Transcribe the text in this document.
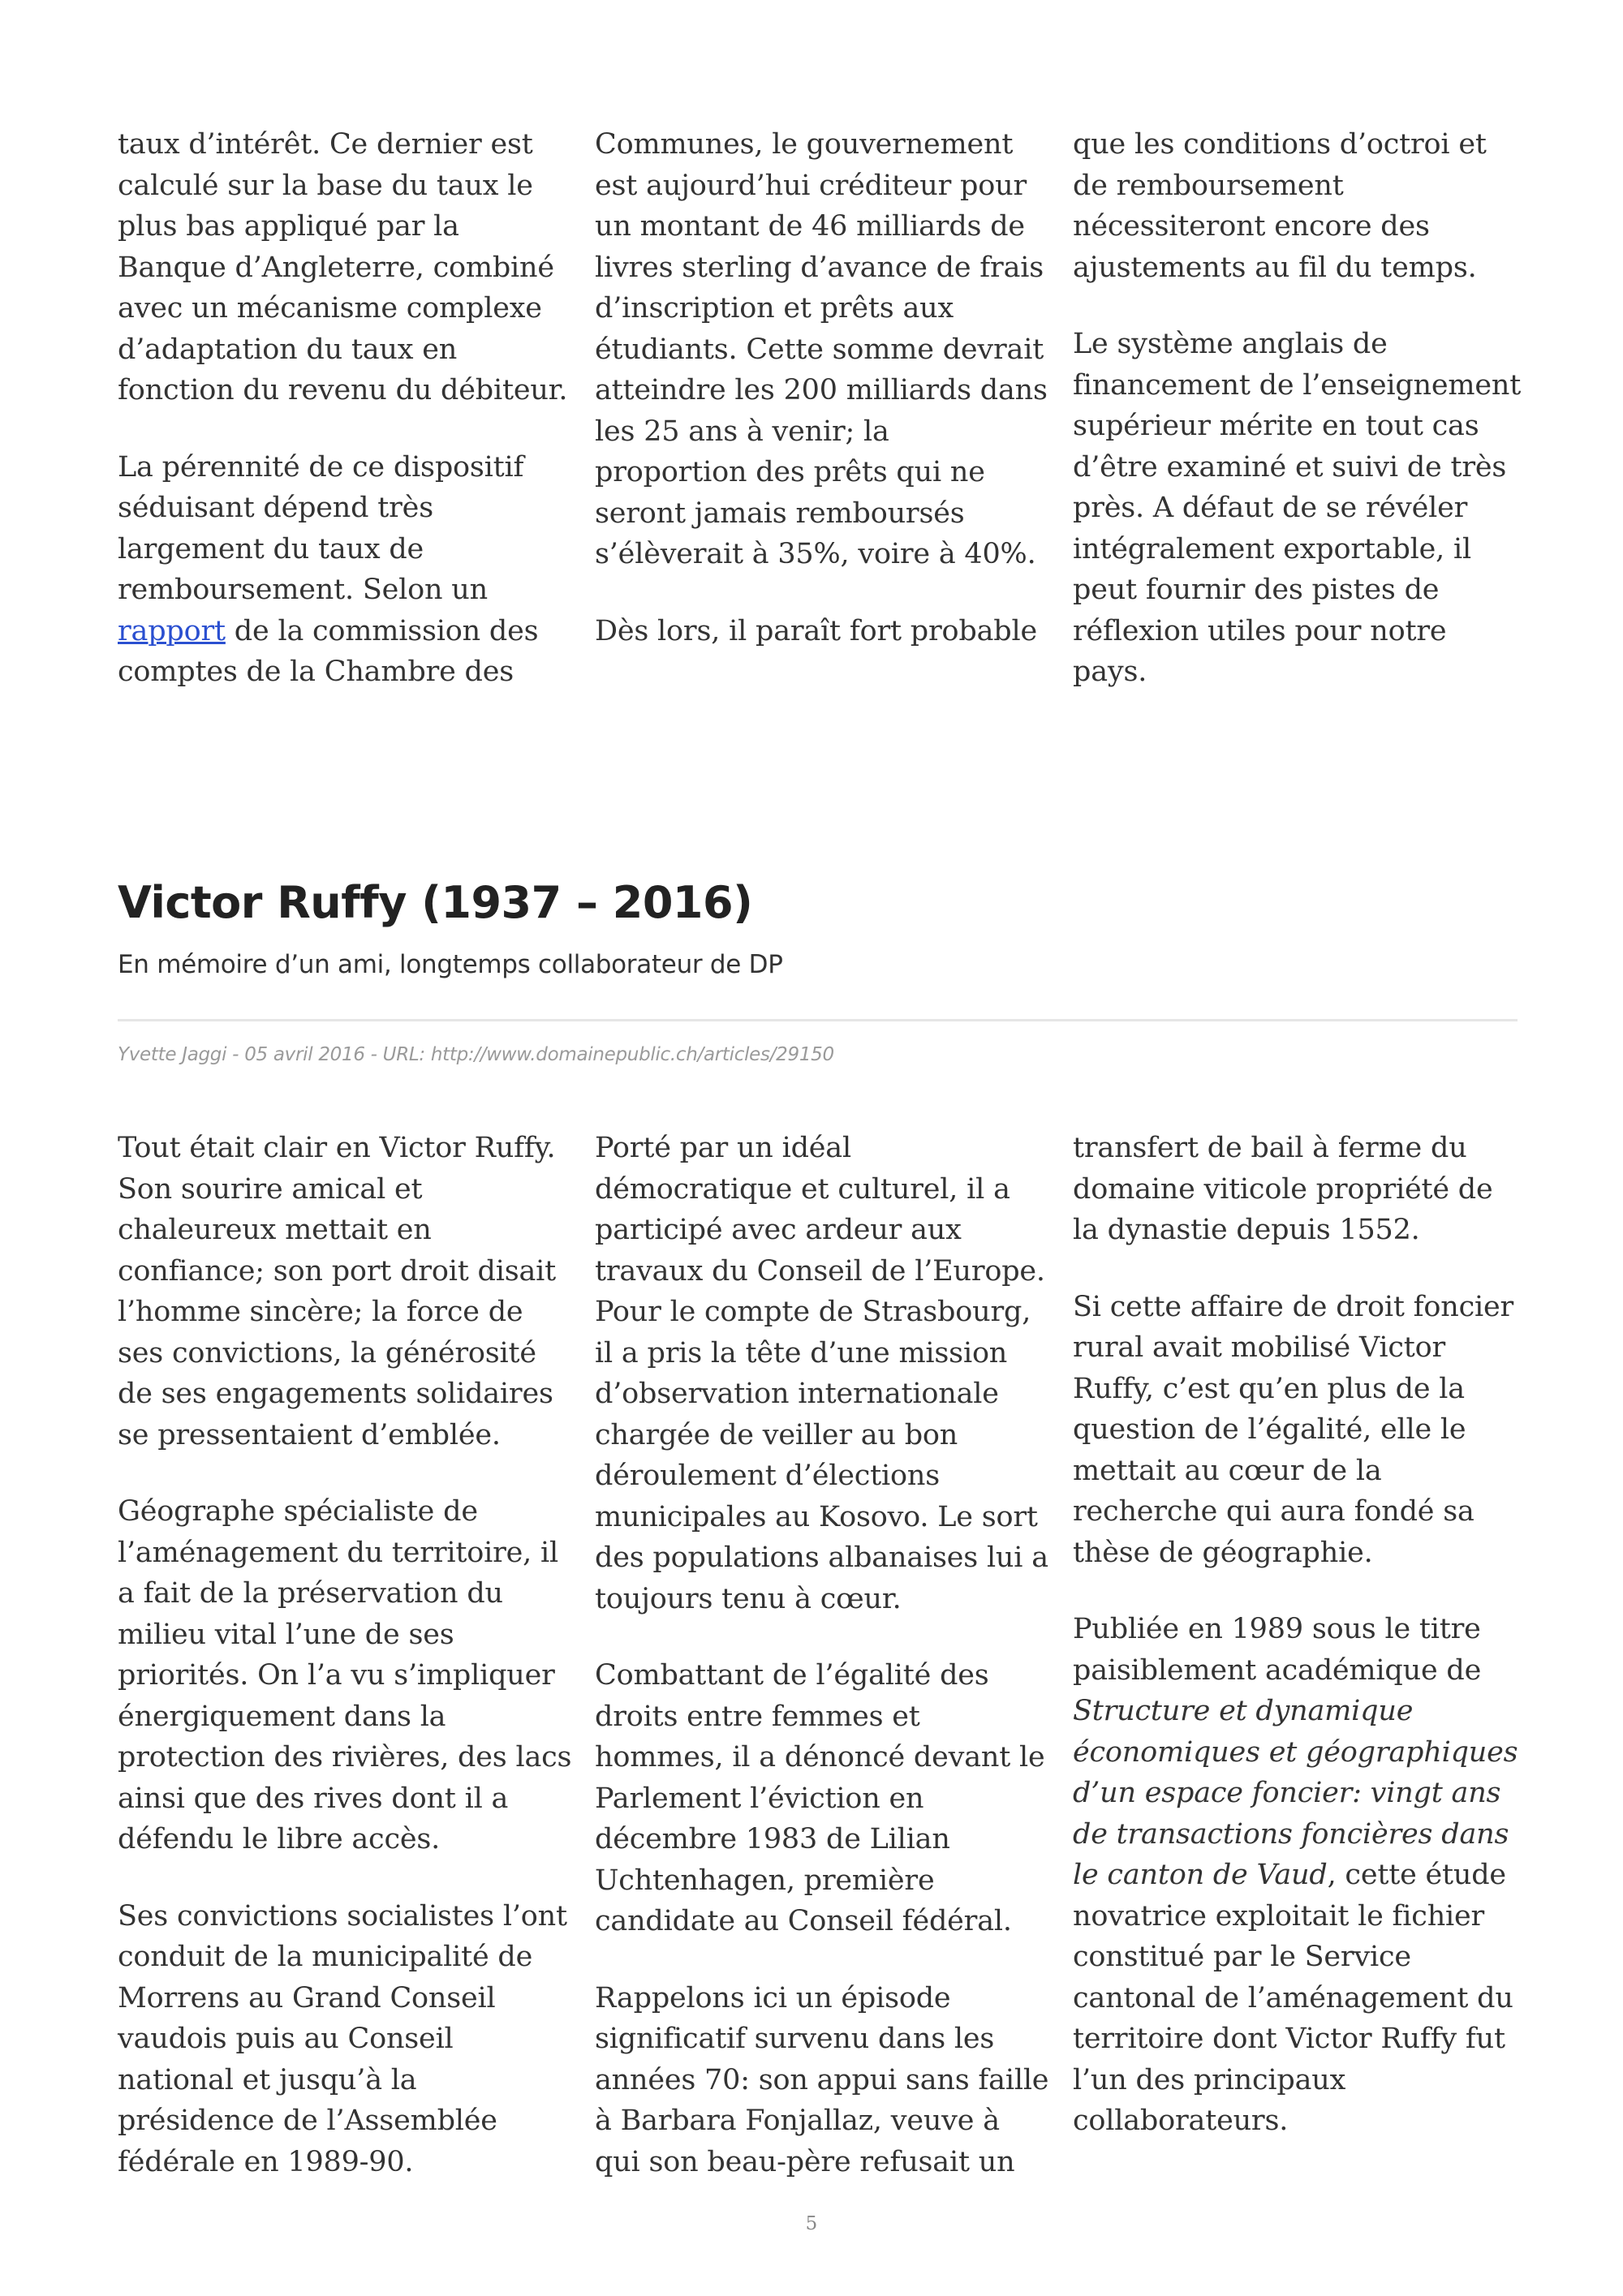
taux d’intérêt. Ce dernier est calculé sur la base du taux le plus bas appliqué par la Banque d’Angleterre, combiné avec un mécanisme complexe d’adaptation du taux en fonction du revenu du débiteur.

La pérennité de ce dispositif séduisant dépend très largement du taux de remboursement. Selon un rapport de la commission des comptes de la Chambre des

Communes, le gouvernement est aujourd’hui créditeur pour un montant de 46 milliards de livres sterling d’avance de frais d’inscription et prêts aux étudiants. Cette somme devrait atteindre les 200 milliards dans les 25 ans à venir; la proportion des prêts qui ne seront jamais remboursés s’élèverait à 35%, voire à 40%.

Dès lors, il paraît fort probable

que les conditions d’octroi et de remboursement nécessiteront encore des ajustements au fil du temps.

Le système anglais de financement de l’enseignement supérieur mérite en tout cas d’être examiné et suivi de très près. A défaut de se révéler intégralement exportable, il peut fournir des pistes de réflexion utiles pour notre pays.

Victor Ruffy (1937 – 2016)
En mémoire d’un ami, longtemps collaborateur de DP
Yvette Jaggi - 05 avril 2016 - URL: http://www.domainepublic.ch/articles/29150

Tout était clair en Victor Ruffy. Son sourire amical et chaleureux mettait en confiance; son port droit disait l’homme sincère; la force de ses convictions, la générosité de ses engagements solidaires se pressentaient d’emblée.

Géographe spécialiste de l’aménagement du territoire, il a fait de la préservation du milieu vital l’une de ses priorités. On l’a vu s’impliquer énergiquement dans la protection des rivières, des lacs ainsi que des rives dont il a défendu le libre accès.

Ses convictions socialistes l’ont conduit de la municipalité de Morrens au Grand Conseil vaudois puis au Conseil national et jusqu’à la présidence de l’Assemblée fédérale en 1989-90.

Porté par un idéal démocratique et culturel, il a participé avec ardeur aux travaux du Conseil de l’Europe. Pour le compte de Strasbourg, il a pris la tête d’une mission d’observation internationale chargée de veiller au bon déroulement d’élections municipales au Kosovo. Le sort des populations albanaises lui a toujours tenu à cœur.

Combattant de l’égalité des droits entre femmes et hommes, il a dénoncé devant le Parlement l’éviction en décembre 1983 de Lilian Uchtenhagen, première candidate au Conseil fédéral.

Rappelons ici un épisode significatif survenu dans les années 70: son appui sans faille à Barbara Fonjallaz, veuve à qui son beau-père refusait un

transfert de bail à ferme du domaine viticole propriété de la dynastie depuis 1552.

Si cette affaire de droit foncier rural avait mobilisé Victor Ruffy, c’est qu’en plus de la question de l’égalité, elle le mettait au cœur de la recherche qui aura fondé sa thèse de géographie.

Publiée en 1989 sous le titre paisiblement académique de Structure et dynamique économiques et géographiques d’un espace foncier: vingt ans de transactions foncières dans le canton de Vaud, cette étude novatrice exploitait le fichier constitué par le Service cantonal de l’aménagement du territoire dont Victor Ruffy fut l’un des principaux collaborateurs.

5
